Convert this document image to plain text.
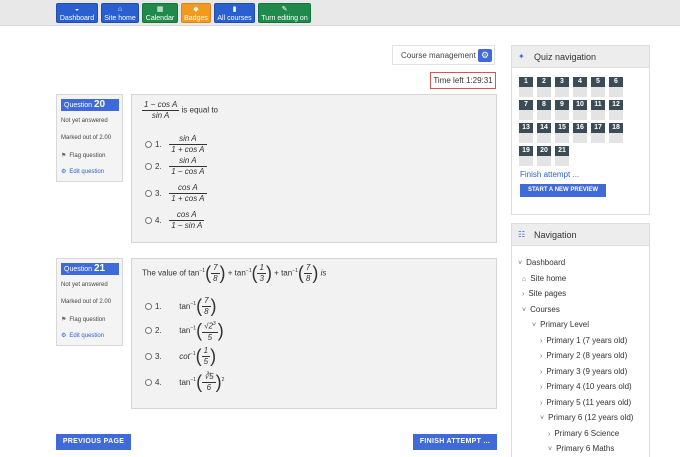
◒
Dashboard
⌂
Site home
▦
Calendar
◆
Badges
▮
All courses
✎
Turn editing on
Course management ⚙
Time left 1:29:31
Question 20
Not yet answered
Marked out of 2.00
⚑ Flag question
⚙ Edit question
$\frac{\text{1 − cos A}}{\text{sin A}}$ is equal to
1. $\frac{\text{sin A}}{\text{1 + cos A}}$
2. $\frac{\text{sin A}}{\text{1 − cos A}}$
3. $\frac{\text{cos A}}{\text{1 + cos A}}$
4. $\frac{\text{cos A}}{\text{1 − sin A}}$
Question 21
Not yet answered
Marked out of 2.00
⚑ Flag question
⚙ Edit question
The value of $\tan^{-1}( \frac{7}{8}$ ) + $\tan^{-1}( \frac{1}{3}$ ) + $\tan^{-1}( \frac{7}{8}$ ) is
1. $\tan^{-1}( \frac{7}{8}$ )
2. $\tan^{-1}( \frac{√2^3}{5}$ )
3. $\cot^{-1}( \frac{1}{5}$ )
4. $\tan^{-1}( \frac{∛5}{6} )^2$
PREVIOUS PAGE	FINISH ATTEMPT ...
✦ Quiz navigation
1	2	3	4	5	6
7	8	9	10	11	12
13	14	15	16	17	18
19	20	21
Finish attempt ...
START A NEW PREVIEW
☷ Navigation
˅ Dashboard
⌂ Site home
› Site pages
˅ Courses
˅ Primary Level
› Primary 1 (7 years old)
› Primary 2 (8 years old)
› Primary 3 (9 years old)
› Primary 4 (10 years old)
› Primary 5 (11 years old)
˅ Primary 6 (12 years old)
› Primary 6 Science
˅ Primary 6 Maths
